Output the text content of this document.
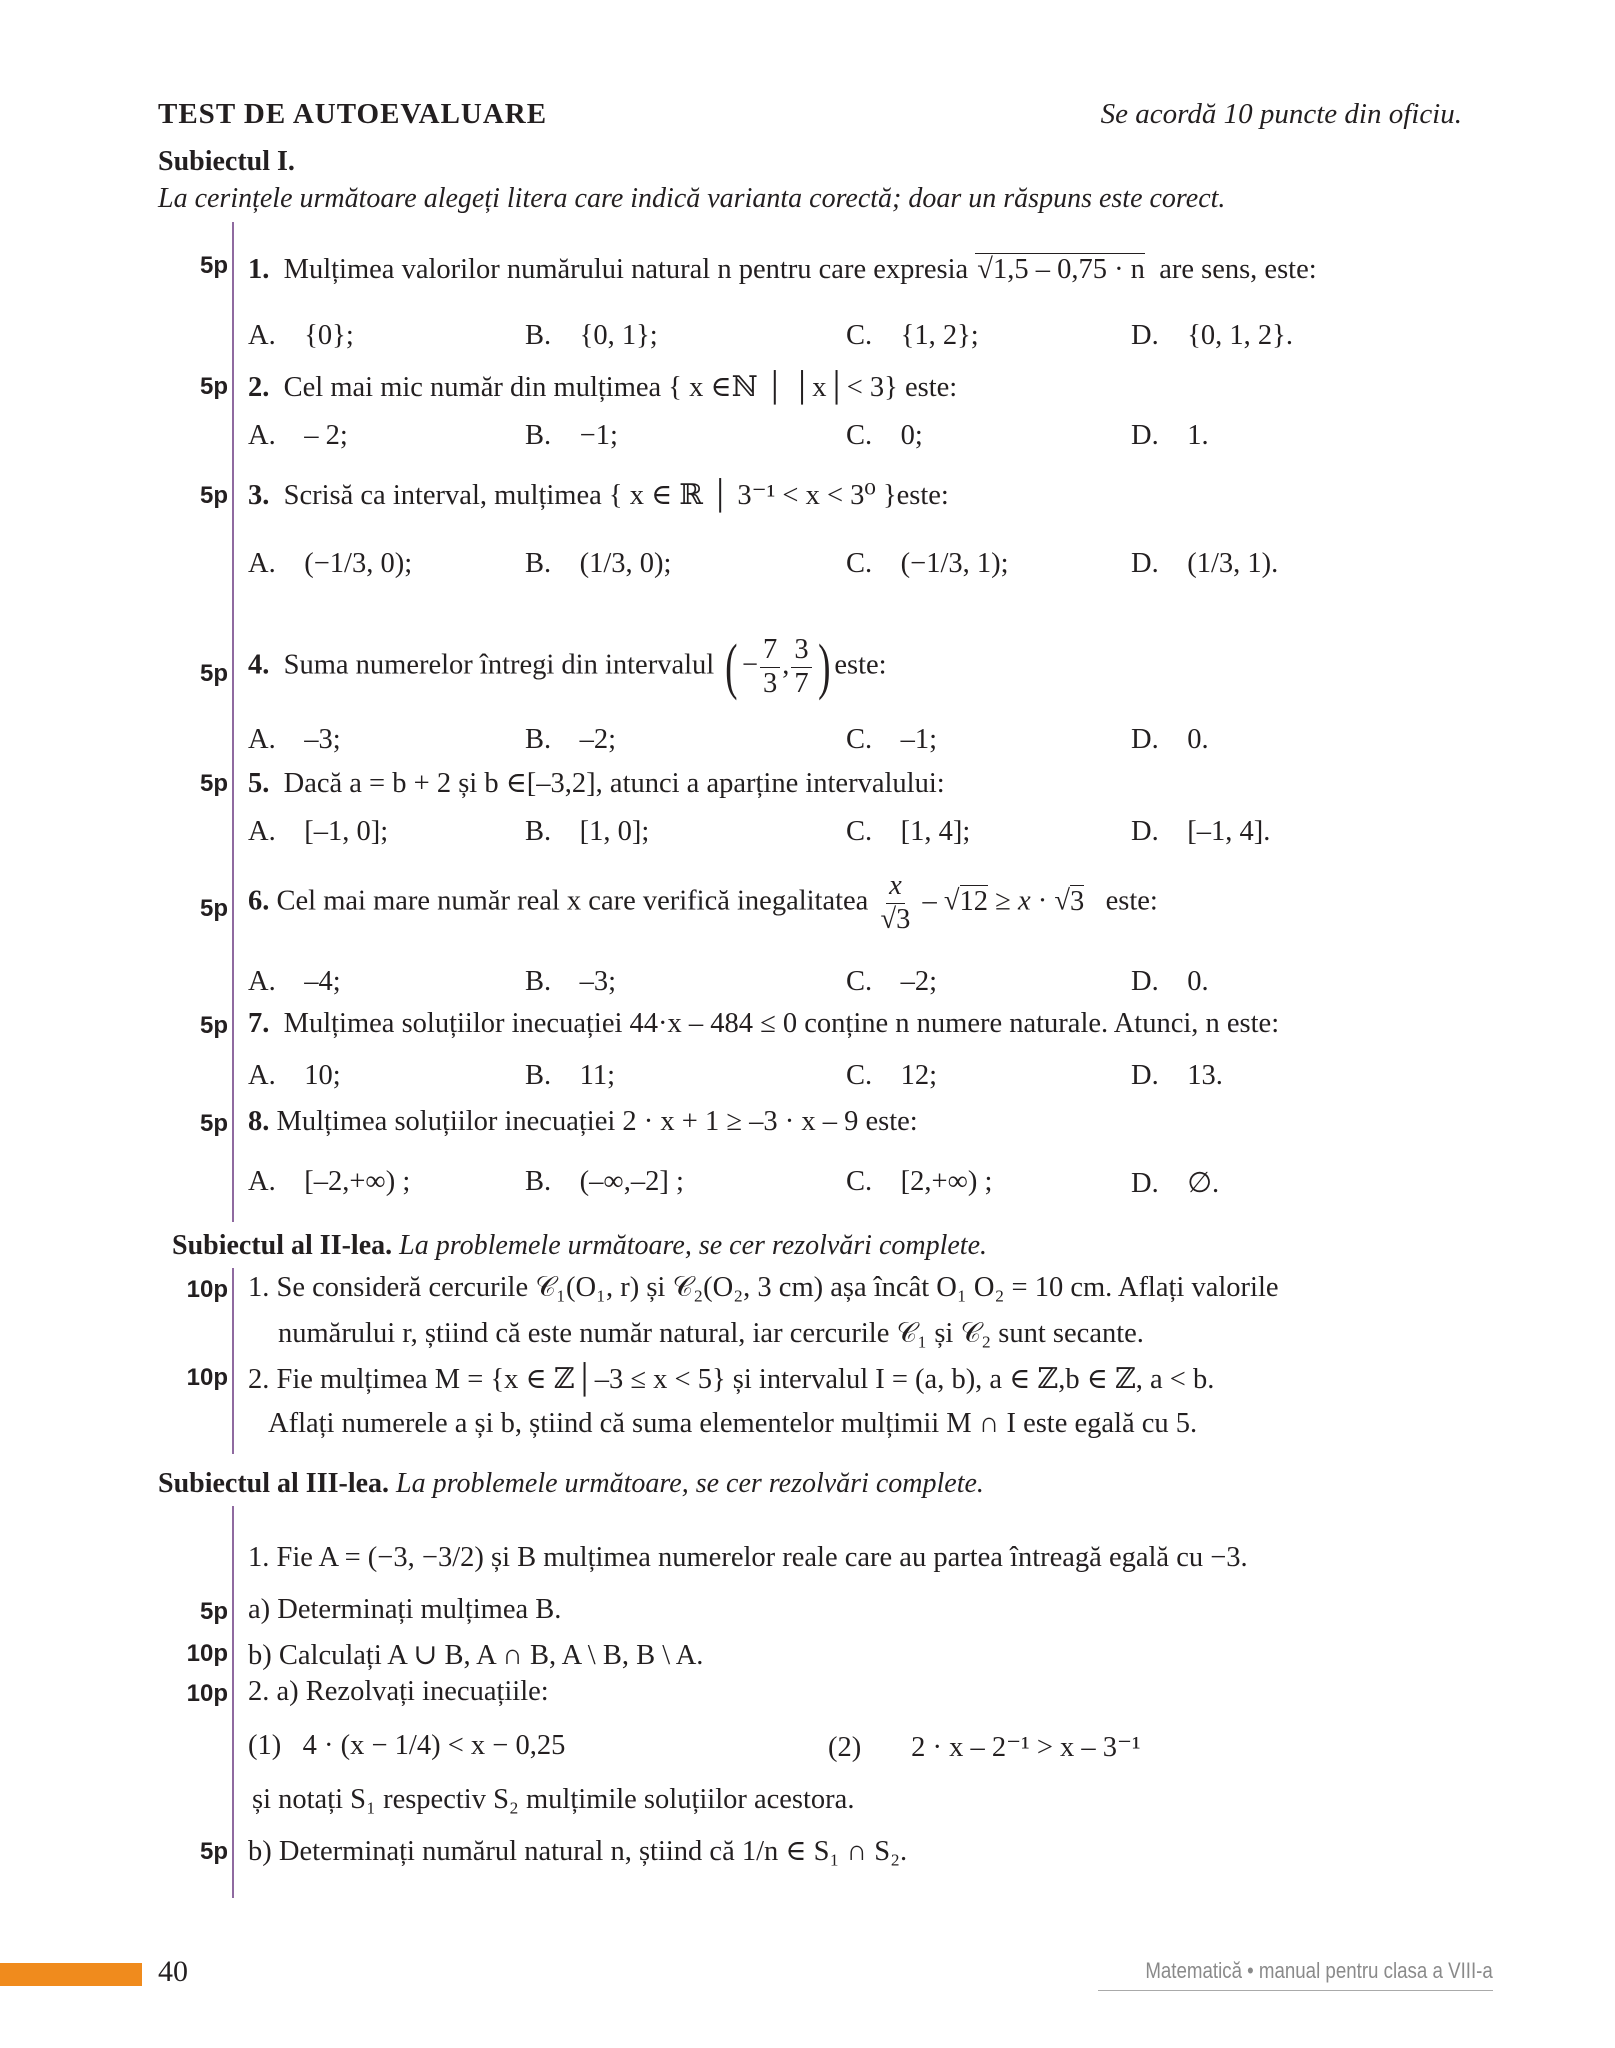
TEST DE AUTOEVALUARE	Se acordă 10 puncte din oficiu.
Subiectul I.
La cerințele următoare alegeți litera care indică varianta corectă; doar un răspuns este corect.
5p 1. Mulțimea valorilor numărului natural n pentru care expresia √1,5 – 0,75 · n are sens, este:
A. {0};	B. {0, 1};	C. {1, 2};	D. {0, 1, 2}.
5p 2. Cel mai mic număr din mulțimea { x ∈ℕ │ │x│< 3} este:
A. – 2;	B. −1;	C. 0;	D. 1.
5p 3. Scrisă ca interval, mulțimea { x ∈ ℝ │ 3⁻¹ < x < 3⁰ }este:
A. (−1/3, 0);	B. (1/3, 0);	C. (−1/3, 1);	D. (1/3, 1).
5p 4. Suma numerelor întregi din intervalul ( − $\frac{7}{3}$ , $\frac{3}{7}$ ) este:
A. –3;	B. –2;	C. –1;	D. 0.
5p 5. Dacă a = b + 2 și b ∈[–3,2], atunci a aparține intervalului:
A. [–1, 0];	B. [1, 0];	C. [1, 4];	D. [–1, 4].
5p 6. Cel mai mare număr real x care verifică inegalitatea $\frac{x}{√3} - √12 \ge x \cdot √3$ este:
A. –4;	B. –3;	C. –2;	D. 0.
5p 7. Mulțimea soluțiilor inecuației 44·x – 484 ≤ 0 conține n numere naturale. Atunci, n este:
A. 10;	B. 11;	C. 12;	D. 13.
5p 8. Mulțimea soluțiilor inecuației 2 · x + 1 ≥ –3 · x – 9 este:
A. [–2,+∞) ;	B. (–∞,–2] ;	C. [2,+∞) ;	D. ∅.
Subiectul al II-lea. La problemele următoare, se cer rezolvări complete.
10p 1. Se consideră cercurile 𝒞₁(O₁, r) și 𝒞₂(O₂, 3 cm) așa încât O₁ O₂ = 10 cm. Aflați valorile
numărului r, știind că este număr natural, iar cercurile 𝒞₁ și 𝒞₂ sunt secante.
10p 2. Fie mulțimea M = {x ∈ ℤ│–3 ≤ x < 5} și intervalul I = (a, b), a ∈ ℤ,b ∈ ℤ, a < b.
Aflați numerele a și b, știind că suma elementelor mulțimii M ∩ I este egală cu 5.
Subiectul al III-lea. La problemele următoare, se cer rezolvări complete.
1. Fie A = (−3, −3/2) și B mulțimea numerelor reale care au partea întreagă egală cu −3.
5p a) Determinați mulțimea B.
10p b) Calculați A ∪ B, A ∩ B, A \ B, B \ A.
10p 2. a) Rezolvați inecuațiile:
(1) 4 · (x − 1/4) < x − 0,25	(2) 2 · x – 2⁻¹ > x – 3⁻¹
și notați S₁ respectiv S₂ mulțimile soluțiilor acestora.
5p b) Determinați numărul natural n, știind că 1/n ∈ S₁ ∩ S₂.
40	Matematică • manual pentru clasa a VIII-a
